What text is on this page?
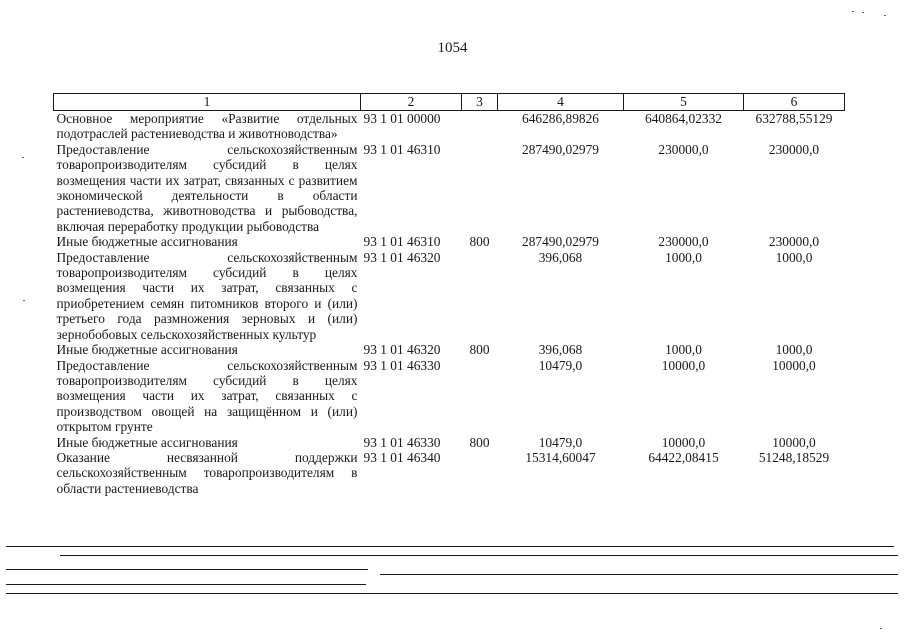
1054
1	2	3	4	5	6
Основное мероприятие «Развитие отдельных подотраслей растениеводства и животноводства»	93 1 01 00000		646286,89826	640864,02332	632788,55129
Предоставление сельскохозяйственным товаропроизводителям субсидий в целях возмещения части их затрат, связанных с развитием экономической деятельности в области растениеводства, животноводства и рыбоводства, включая переработку продукции рыбоводства	93 1 01 46310		287490,02979	230000,0	230000,0
Иные бюджетные ассигнования	93 1 01 46310	800	287490,02979	230000,0	230000,0
Предоставление сельскохозяйственным товаропроизводителям субсидий в целях возмещения части их затрат, связанных с приобретением семян питомников второго и (или) третьего года размножения зерновых и (или) зернобобовых сельскохозяйственных культур	93 1 01 46320		396,068	1000,0	1000,0
Иные бюджетные ассигнования	93 1 01 46320	800	396,068	1000,0	1000,0
Предоставление сельскохозяйственным товаропроизводителям субсидий в целях возмещения части их затрат, связанных с производством овощей на защищённом и (или) открытом грунте	93 1 01 46330		10479,0	10000,0	10000,0
Иные бюджетные ассигнования	93 1 01 46330	800	10479,0	10000,0	10000,0
Оказание несвязанной поддержки сельскохозяйственным товаропроизводителям в области растениеводства	93 1 01 46340		15314,60047	64422,08415	51248,18529
